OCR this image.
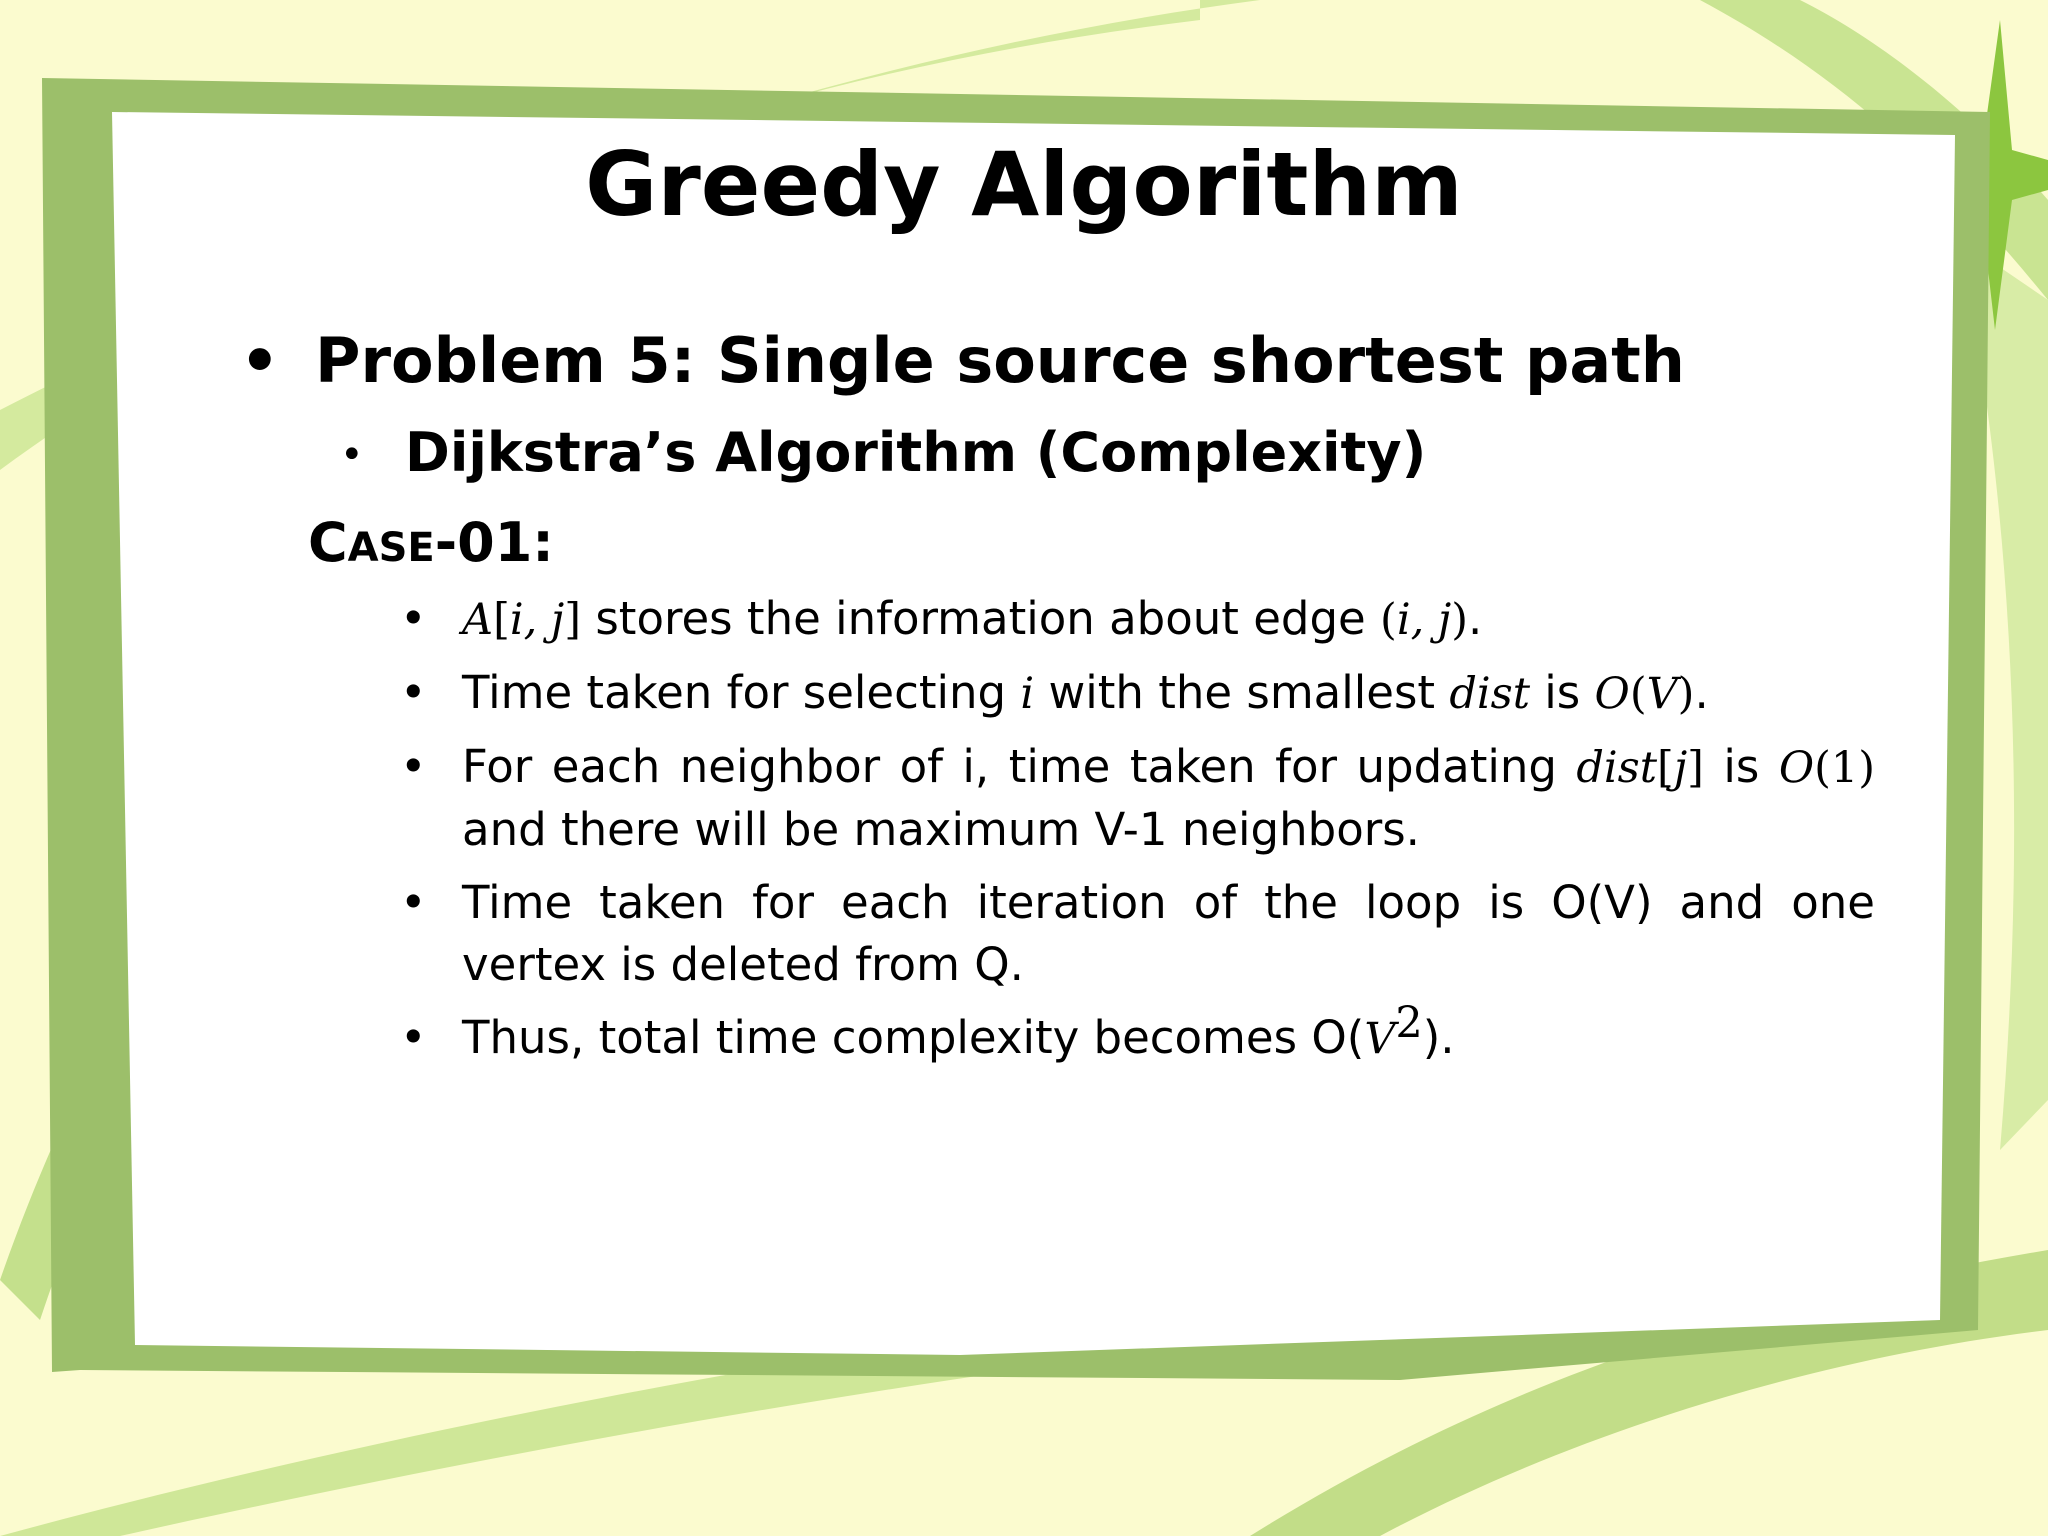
Greedy Algorithm
• Problem 5: Single source shortest path
• Dijkstra’s Algorithm (Complexity)
CASE-01:
• A[i, j] stores the information about edge (i, j).
• Time taken for selecting i with the smallest dist is O(V).
• For each neighbor of i, time taken for updating dist[j] is O(1) and there will be maximum V-1 neighbors.
• Time taken for each iteration of the loop is O(V) and one vertex is deleted from Q.
• Thus, total time complexity becomes $O(V^2)$.
